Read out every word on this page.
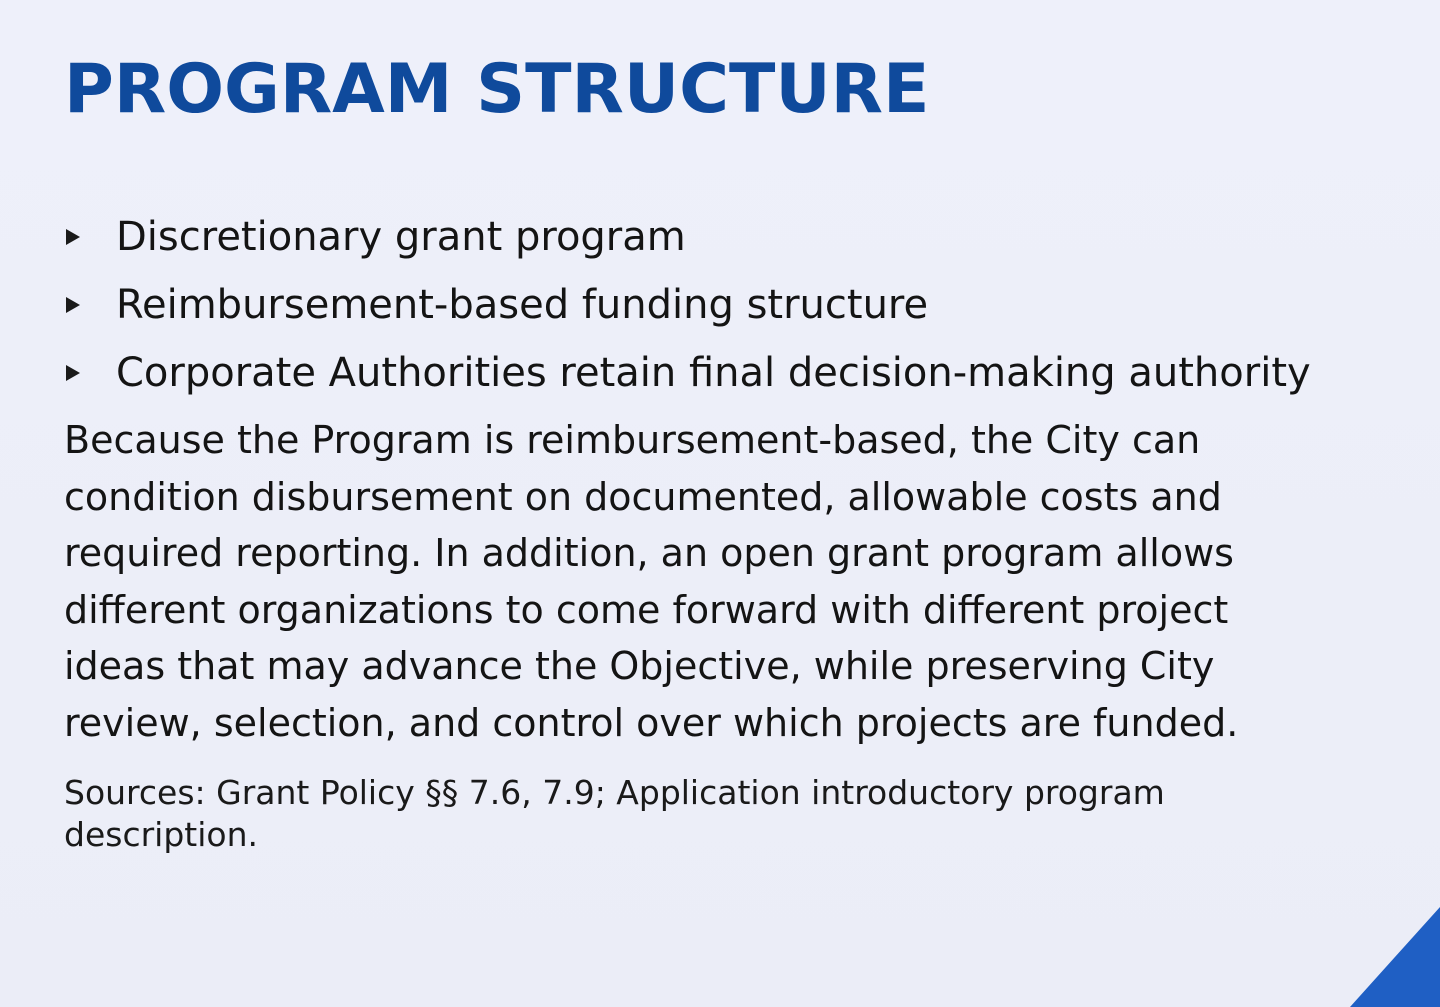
PROGRAM STRUCTURE
Discretionary grant program
Reimbursement-based funding structure
Corporate Authorities retain final decision-making authority

Because the Program is reimbursement-based, the City can
condition disbursement on documented, allowable costs and
required reporting. In addition, an open grant program allows
different organizations to come forward with different project
ideas that may advance the Objective, while preserving City
review, selection, and control over which projects are funded.

Sources: Grant Policy §§ 7.6, 7.9; Application introductory program
description.
